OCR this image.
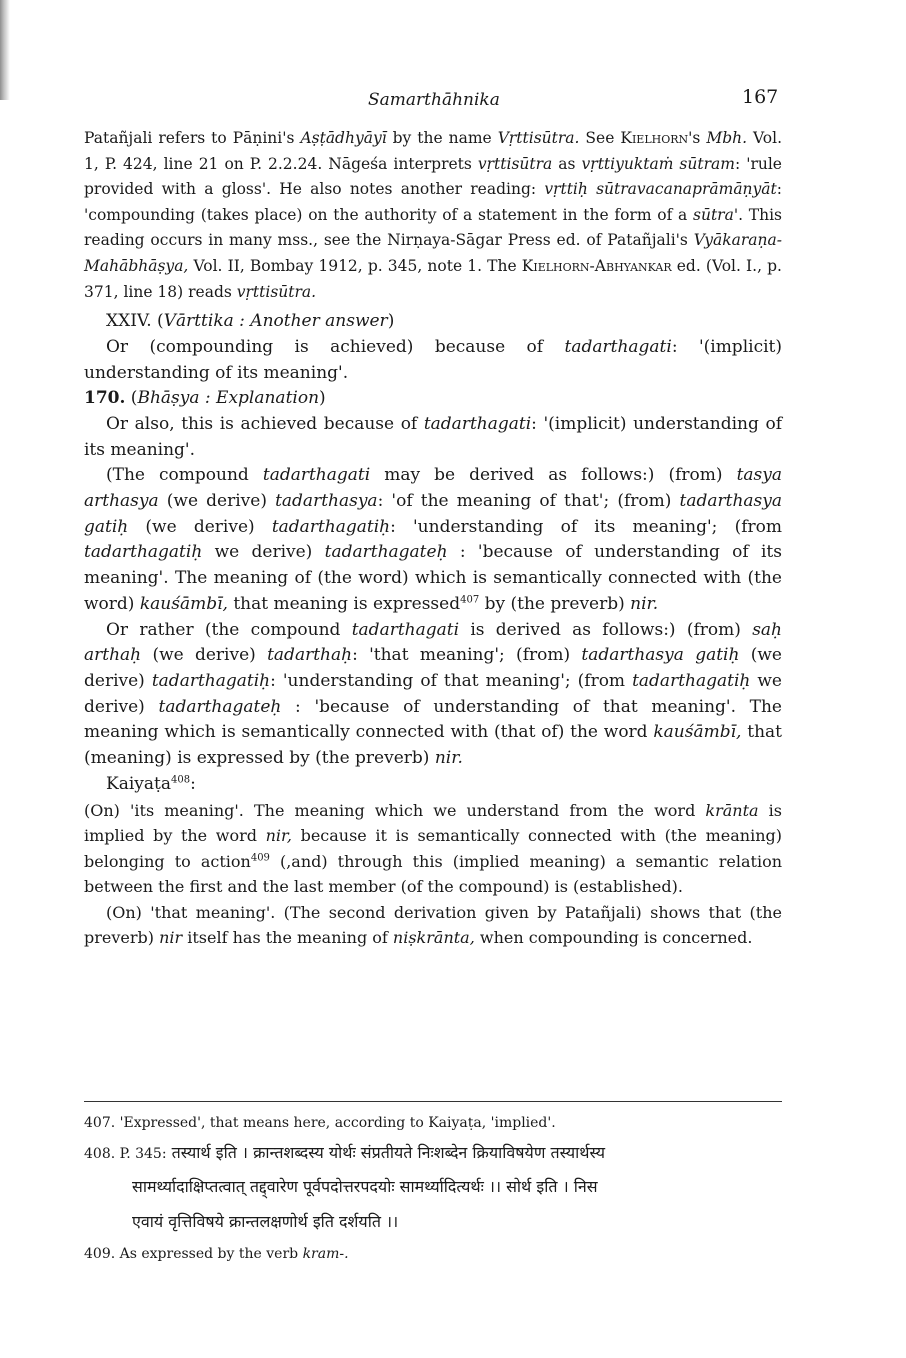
Samarthāhnika	167

Patañjali refers to Pāṇini's Aṣṭādhyāyī by the name Vṛttisūtra. See Kielhorn's Mbh. Vol. 1, P. 424, line 21 on P. 2.2.24. Nāgeśa interprets vṛttisūtra as vṛttiyuktaṁ sūtram: 'rule provided with a gloss'. He also notes another reading: vṛttiḥ sūtravacanaprāmāṇyāt: 'compounding (takes place) on the authority of a statement in the form of a sūtra'. This reading occurs in many mss., see the Nirṇaya-Sāgar Press ed. of Patañjali's Vyākaraṇa- Mahābhāṣya, Vol. II, Bombay 1912, p. 345, note 1. The Kielhorn-Abhyankar ed. (Vol. I., p. 371, line 18) reads vṛttisūtra.

XXIV. (Vārttika : Another answer)

Or (compounding is achieved) because of tadarthagati: '(implicit) understanding of its meaning'.

170. (Bhāṣya : Explanation)

Or also, this is achieved because of tadarthagati: '(implicit) understanding of its meaning'.

(The compound tadarthagati may be derived as follows:) (from) tasya arthasya (we derive) tadarthasya: 'of the meaning of that'; (from) tadarthasya gatiḥ (we derive) tadarthagatiḥ: 'understanding of its meaning'; (from tadarthagatiḥ we derive) tadarthagateḥ : 'because of understanding of its meaning'. The meaning of (the word) which is semantically connected with (the word) kauśāmbī, that meaning is expressed$^{407}$ by (the preverb) nir.

Or rather (the compound tadarthagati is derived as follows:) (from) saḥ arthaḥ (we derive) tadarthaḥ: 'that meaning'; (from) tadarthasya gatiḥ (we derive) tadarthagatiḥ: 'understanding of that meaning'; (from tadarthagatiḥ we derive) tadarthagateḥ : 'because of understanding of that meaning'. The meaning which is semantically connected with (that of) the word kauśāmbī, that (meaning) is expressed by (the preverb) nir.

Kaiyaṭa$^{408}$:

(On) 'its meaning'. The meaning which we understand from the word krānta is implied by the word nir, because it is semantically connected with (the meaning) belonging to action$^{409}$ (,and) through this (implied meaning) a semantic relation between the first and the last member (of the compound) is (established).

(On) 'that meaning'. (The second derivation given by Patañjali) shows that (the preverb) nir itself has the meaning of niṣkrānta, when compounding is concerned.

407. 'Expressed', that means here, according to Kaiyaṭa, 'implied'.

408. P. 345: तस्यार्थ इति । क्रान्तशब्दस्य योर्थः संप्रतीयते निःशब्देन क्रियाविषयेण तस्यार्थस्य

सामर्थ्यादाक्षिप्तत्वात् तद्द्वारेण पूर्वपदोत्तरपदयोः सामर्थ्यादित्यर्थः ।। सोर्थ इति । निस

एवायं वृत्तिविषये क्रान्तलक्षणोर्थ इति दर्शयति ।।

409. As expressed by the verb kram-.
